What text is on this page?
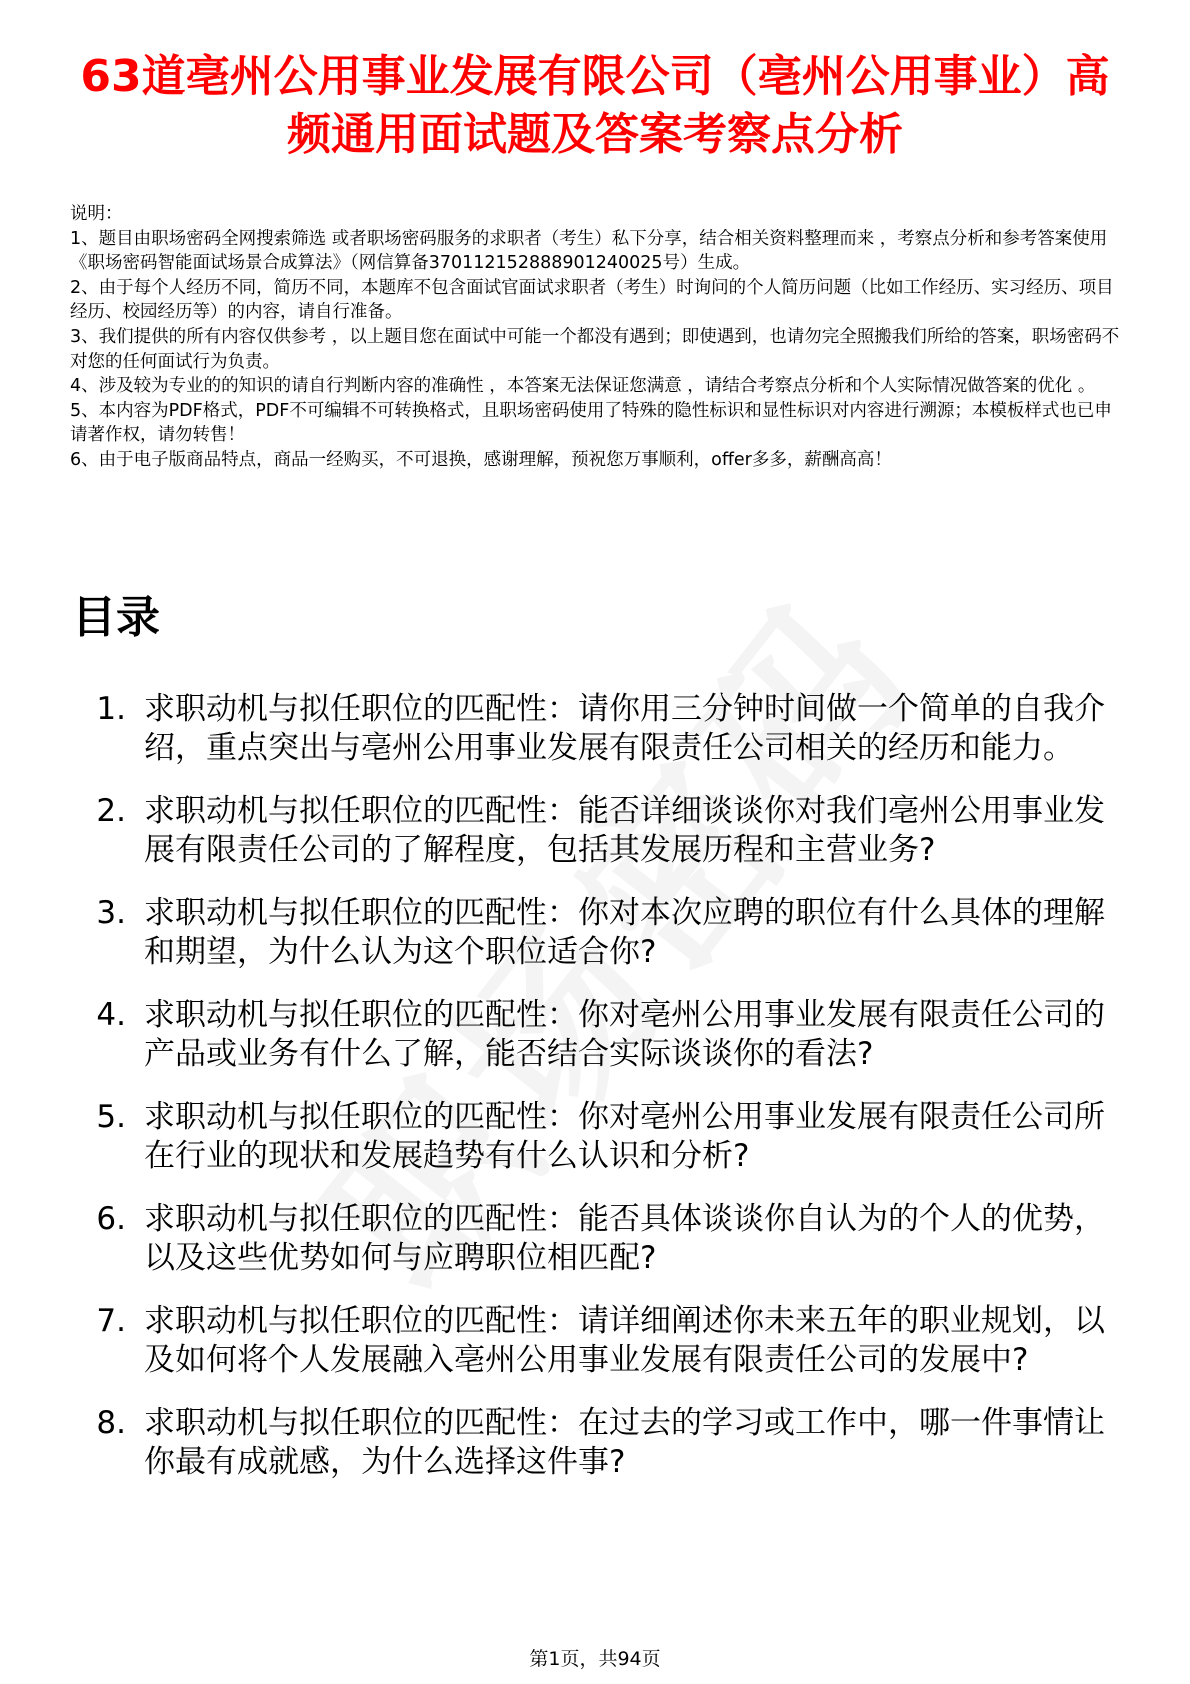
63道亳州公用事业发展有限公司（亳州公用事业）高频通用面试题及答案考察点分析

说明：

1、题目由职场密码全网搜索筛选 或者职场密码服务的求职者（考生）私下分享，结合相关资料整理而来 ，考察点分析和参考答案使用《职场密码智能面试场景合成算法》（网信算备370112152888901240025号）生成。

2、由于每个人经历不同，简历不同，本题库不包含面试官面试求职者（考生）时询问的个人简历问题（比如工作经历、实习经历、项目经历、校园经历等）的内容，请自行准备。

3、我们提供的所有内容仅供参考 ，以上题目您在面试中可能一个都没有遇到；即使遇到，也请勿完全照搬我们所给的答案，职场密码不对您的任何面试行为负责。

4、涉及较为专业的的知识的请自行判断内容的准确性 ，本答案无法保证您满意 ，请结合考察点分析和个人实际情况做答案的优化 。

5、本内容为PDF格式，PDF不可编辑不可转换格式，且职场密码使用了特殊的隐性标识和显性标识对内容进行溯源；本模板样式也已申请著作权，请勿转售！

6、由于电子版商品特点，商品一经购买，不可退换，感谢理解，预祝您万事顺利，offer多多，薪酬高高！

目录
1. 求职动机与拟任职位的匹配性：请你用三分钟时间做一个简单的自我介绍，重点突出与亳州公用事业发展有限责任公司相关的经历和能力。
2. 求职动机与拟任职位的匹配性：能否详细谈谈你对我们亳州公用事业发展有限责任公司的了解程度，包括其发展历程和主营业务?
3. 求职动机与拟任职位的匹配性：你对本次应聘的职位有什么具体的理解和期望，为什么认为这个职位适合你?
4. 求职动机与拟任职位的匹配性：你对亳州公用事业发展有限责任公司的产品或业务有什么了解，能否结合实际谈谈你的看法?
5. 求职动机与拟任职位的匹配性：你对亳州公用事业发展有限责任公司所在行业的现状和发展趋势有什么认识和分析?
6. 求职动机与拟任职位的匹配性：能否具体谈谈你自认为的个人的优势，以及这些优势如何与应聘职位相匹配?
7. 求职动机与拟任职位的匹配性：请详细阐述你未来五年的职业规划，以及如何将个人发展融入亳州公用事业发展有限责任公司的发展中?
8. 求职动机与拟任职位的匹配性：在过去的学习或工作中，哪一件事情让你最有成就感，为什么选择这件事?
第1页，共94页
